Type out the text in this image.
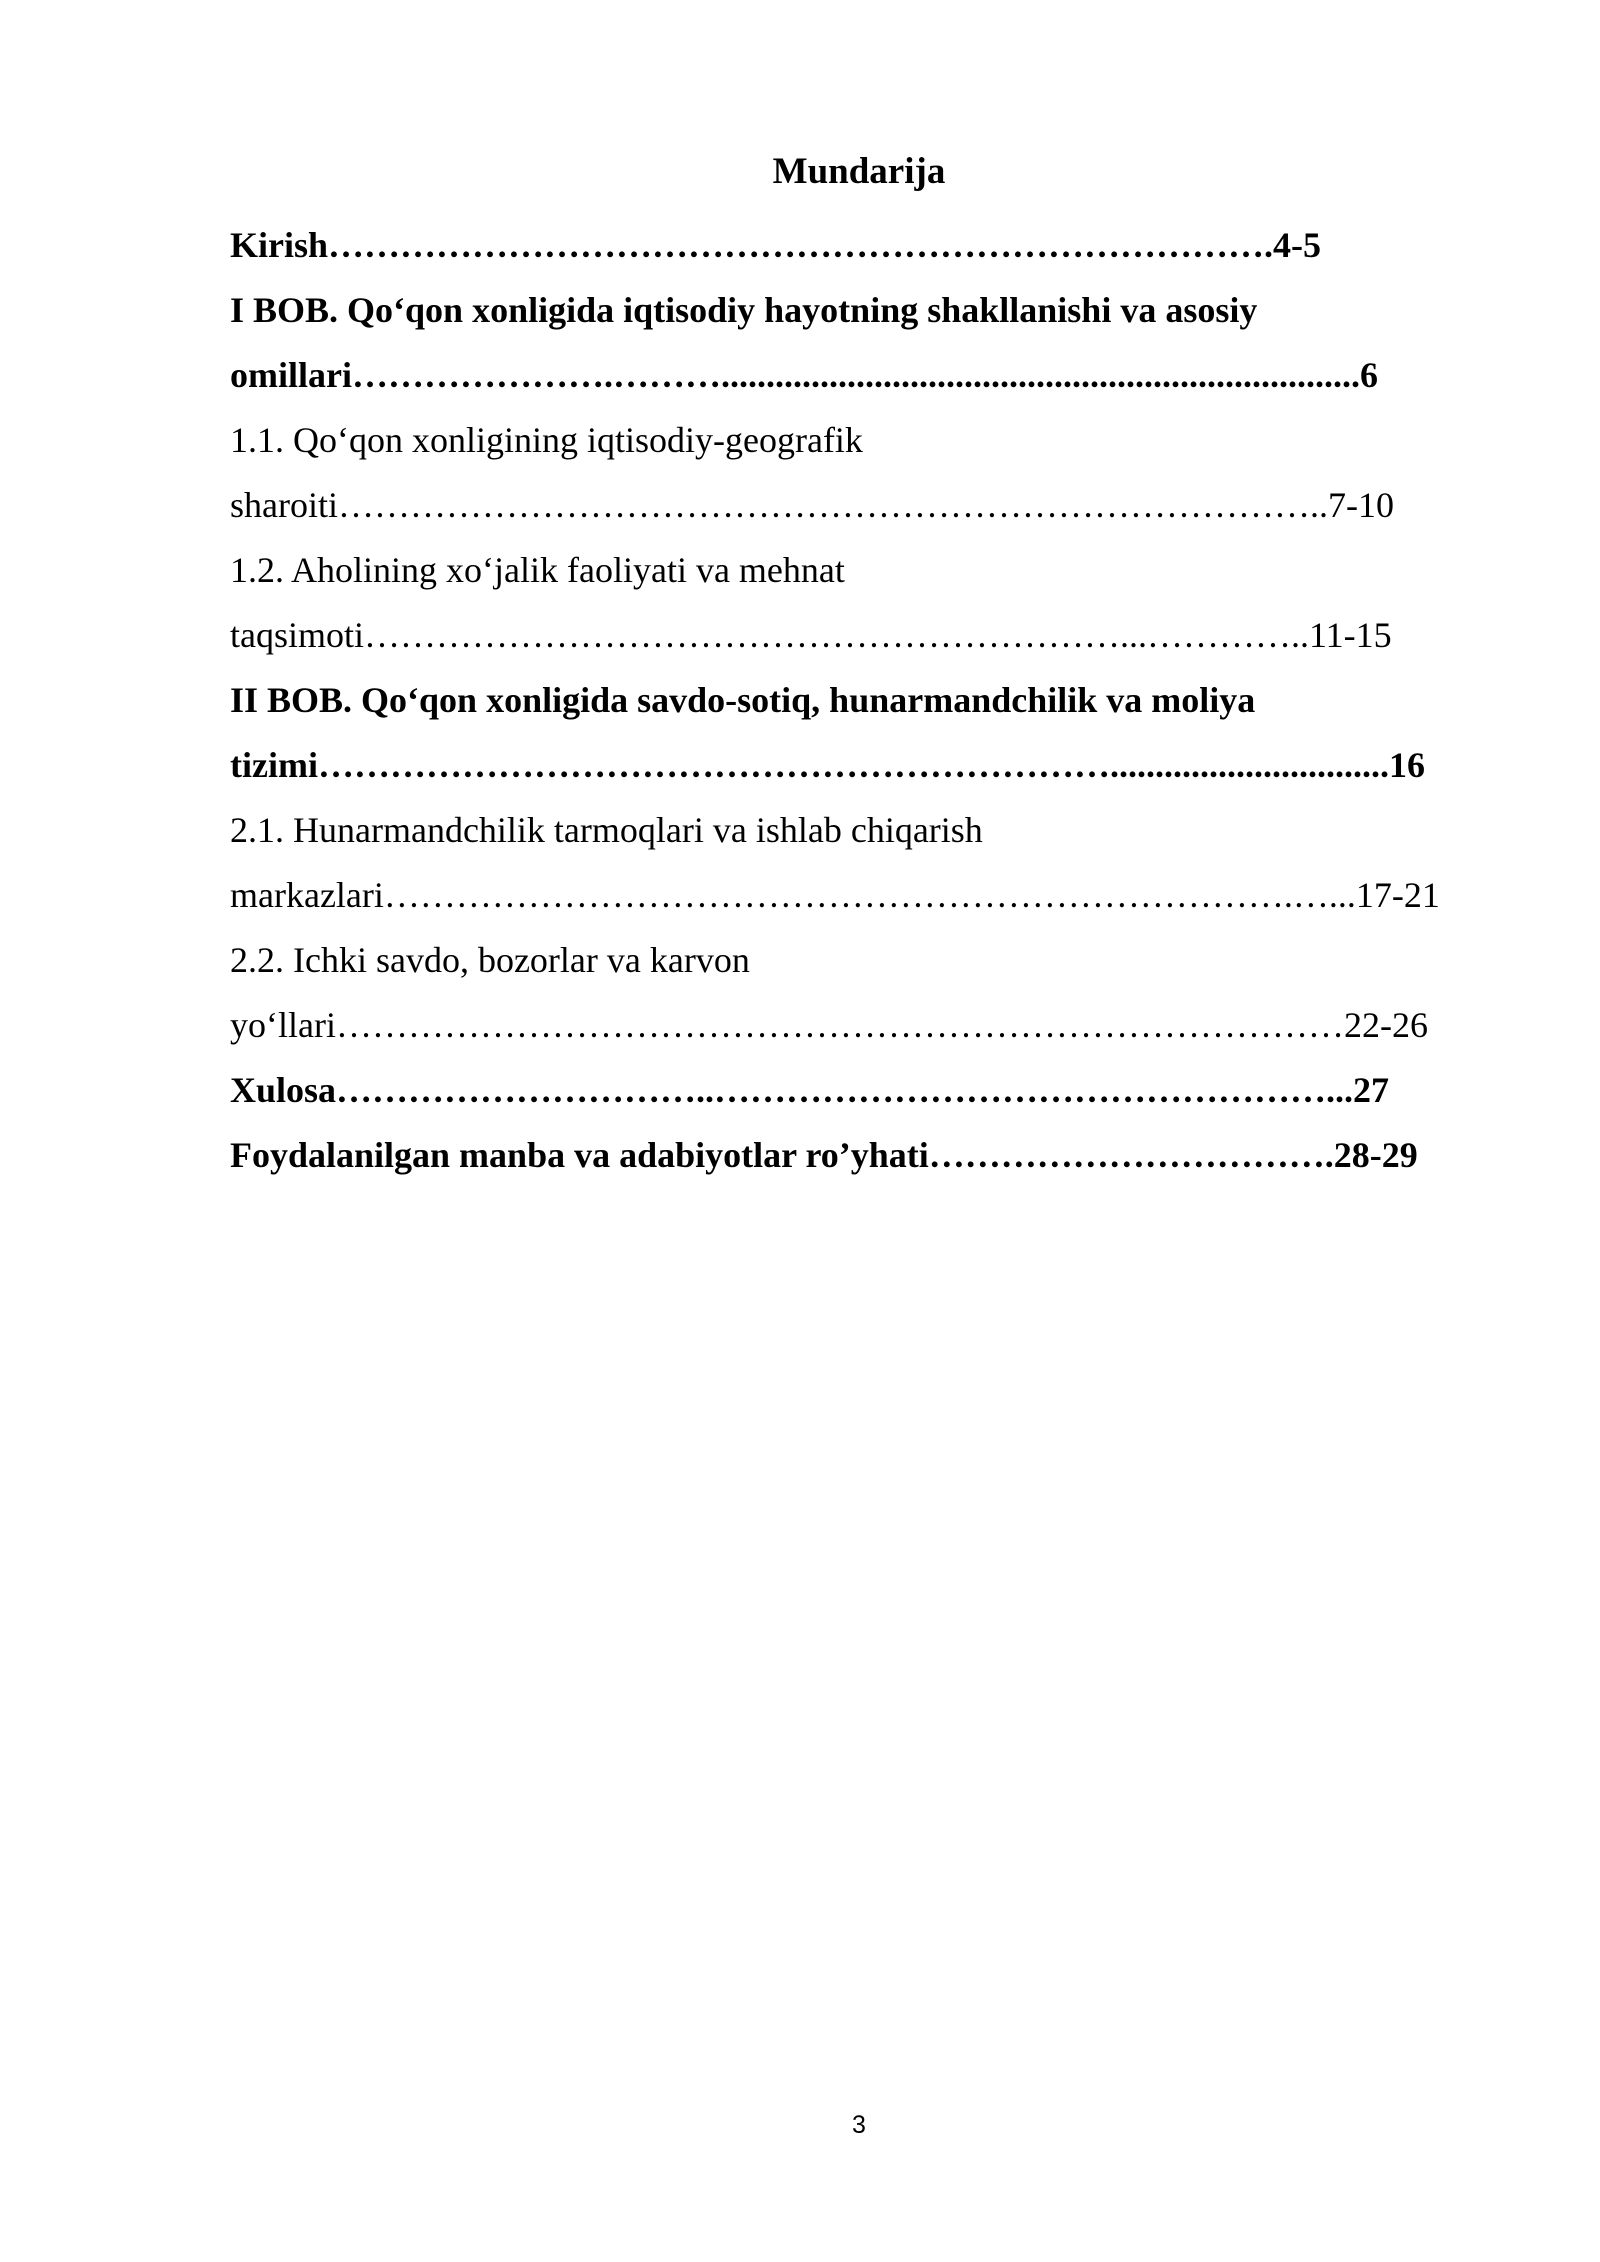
Mundarija
Kirish…………………………………………………………………….4-5
I BOB. Qo‘qon xonligida iqtisodiy hayotning shakllanishi va asosiy
omillari………………….……….......................................................................6
1.1. Qo‘qon xonligining iqtisodiy-geografik
sharoiti………………………………………………………………………..7-10
1.2. Aholining xo‘jalik faoliyati va mehnat
taqsimoti………………………………………………………...…………..11-15
II BOB. Qo‘qon xonligida savdo-sotiq, hunarmandchilik va moliya
tizimi…………………………………………………………...............................16
2.1. Hunarmandchilik tarmoqlari va ishlab chiqarish
markazlari………………………………………………………………….…...17-21
2.2. Ichki savdo, bozorlar va karvon
yo‘llari…………………………………………………………………………22-26
Xulosa…………………………..……………………………………………...27
Foydalanilgan manba va adabiyotlar ro’yhati…………………………….28-29
3
